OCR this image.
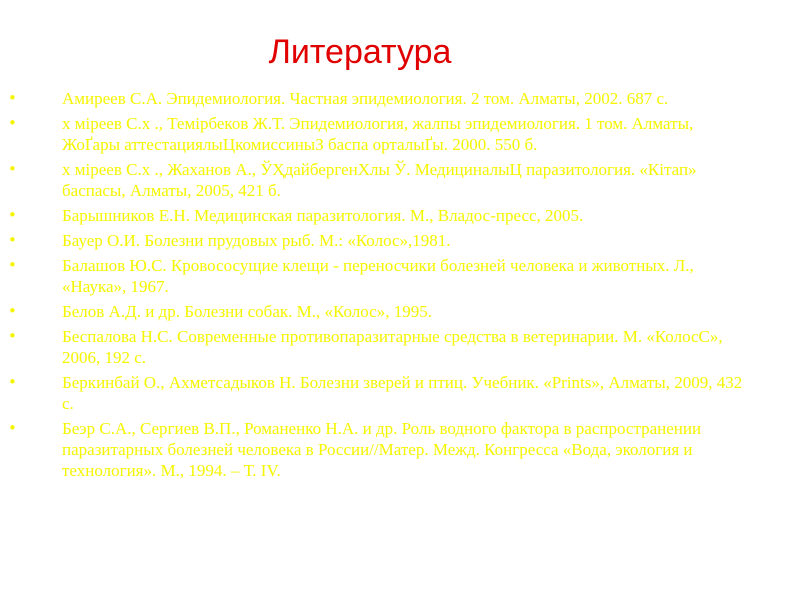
Литература
•	Амиреев С.А. Эпидемиология. Частная эпидемиология. 2 том. Алматы, 2002. 687 с.
•	х міреев С.х ., Темірбеков Ж.Т. Эпидемиология, жалпы эпидемиология. 1 том. Алматы, ЖоҐары аттестациялыЦкомиссиныЗ баспа орталыҐы. 2000. 550 б.
•	х міреев С.х ., Жаханов А., ЎҲдайбергенХлы Ў. МедициналыЦ паразитология. «Кітап» баспасы, Алматы, 2005, 421 б.
•	Барышников Е.Н. Медицинская паразитология. М., Владос-пресс, 2005.
•	Бауер О.И. Болезни прудовых рыб. М.: «Колос»,1981.
•	Балашов Ю.С. Кровососущие клещи - переносчики болезней человека и животных. Л., «Наука», 1967.
•	Белов А.Д. и др. Болезни собак. М., «Колос», 1995.
•	Беспалова Н.С. Современные противопаразитарные средства в ветеринарии. М. «КолосС», 2006, 192 с.
•	Беркинбай О., Ахметсадыков Н. Болезни зверей и птиц. Учебник. «Prints», Алматы, 2009, 432 с.
•	Беэр С.А., Сергиев В.П., Романенко Н.А. и др. Роль водного фактора в распространении паразитарных болезней человека в России//Матер. Межд. Конгресса «Вода, экология и технология». М., 1994. – Т. IV.
